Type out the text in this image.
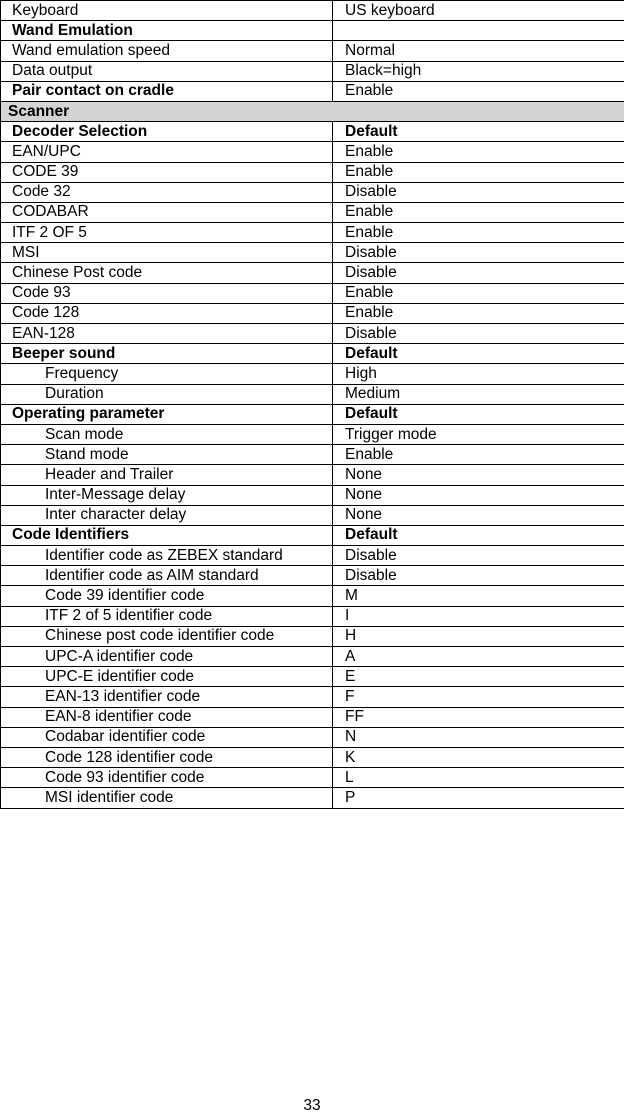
Keyboard	US keyboard
Wand Emulation	
Wand emulation speed	Normal
Data output	Black=high
Pair contact on cradle	Enable
Scanner	
Decoder Selection	Default
EAN/UPC	Enable
CODE 39	Enable
Code 32	Disable
CODABAR	Enable
ITF 2 OF 5	Enable
MSI	Disable
Chinese Post code	Disable
Code 93	Enable
Code 128	Enable
EAN-128	Disable
Beeper sound	Default
Frequency	High
Duration	Medium
Operating parameter	Default
Scan mode	Trigger mode
Stand mode	Enable
Header and Trailer	None
Inter-Message delay	None
Inter character delay	None
Code Identifiers	Default
Identifier code as ZEBEX standard	Disable
Identifier code as AIM standard	Disable
Code 39 identifier code	M
ITF 2 of 5 identifier code	I
Chinese post code identifier code	H
UPC-A identifier code	A
UPC-E identifier code	E
EAN-13 identifier code	F
EAN-8 identifier code	FF
Codabar identifier code	N
Code 128 identifier code	K
Code 93 identifier code	L
MSI identifier code	P
33
